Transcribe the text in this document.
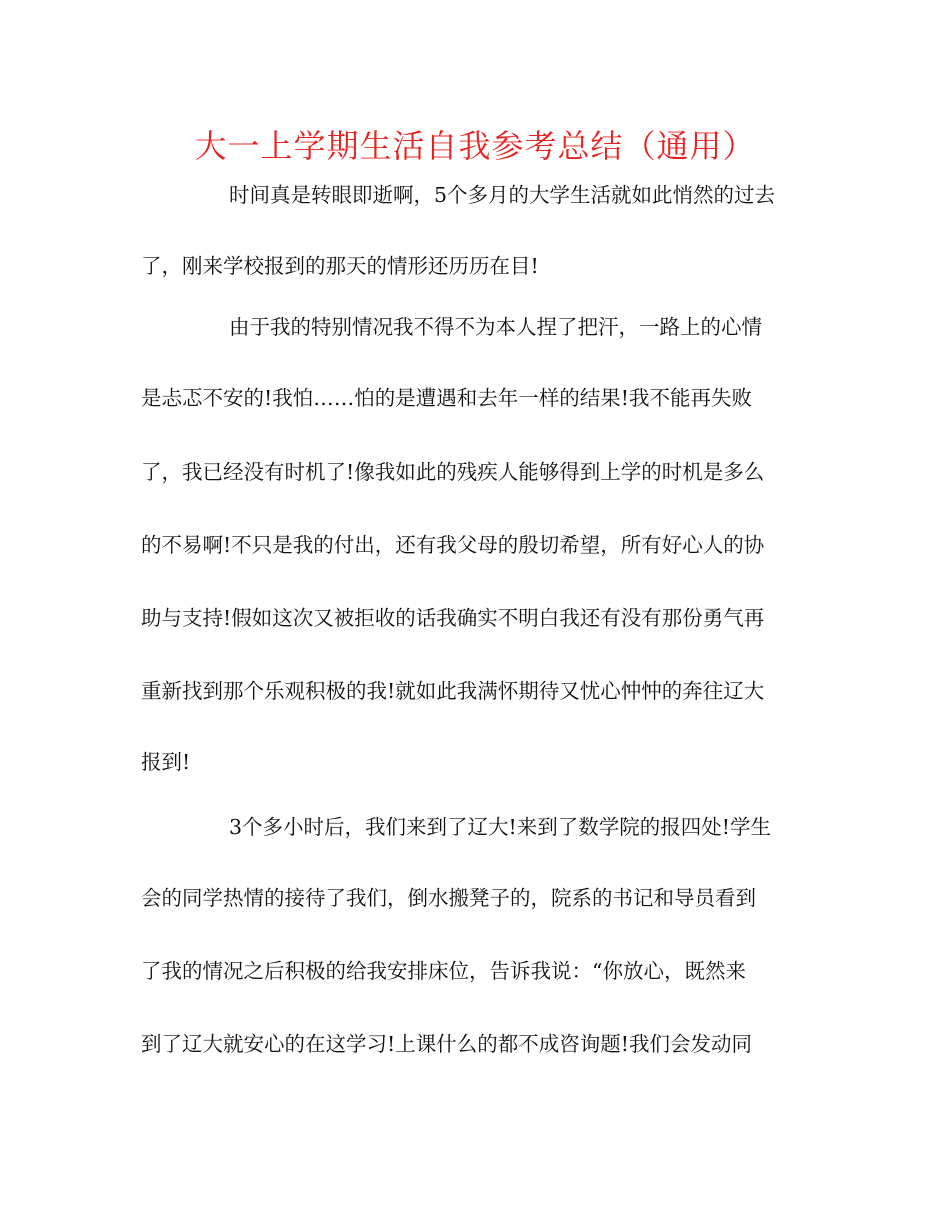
大一上学期生活自我参考总结（通用）
时间真是转眼即逝啊，5个多月的大学生活就如此悄然的过去
了，刚来学校报到的那天的情形还历历在目!
由于我的特别情况我不得不为本人捏了把汗，一路上的心情
是忐忑不安的!我怕……怕的是遭遇和去年一样的结果!我不能再失败
了，我已经没有时机了!像我如此的残疾人能够得到上学的时机是多么
的不易啊!不只是我的付出，还有我父母的殷切希望，所有好心人的协
助与支持!假如这次又被拒收的话我确实不明白我还有没有那份勇气再
重新找到那个乐观积极的我!就如此我满怀期待又忧心忡忡的奔往辽大
报到!
3个多小时后，我们来到了辽大!来到了数学院的报四处!学生
会的同学热情的接待了我们，倒水搬凳子的，院系的书记和导员看到
了我的情况之后积极的给我安排床位，告诉我说：“你放心，既然来
到了辽大就安心的在这学习!上课什么的都不成咨询题!我们会发动同
